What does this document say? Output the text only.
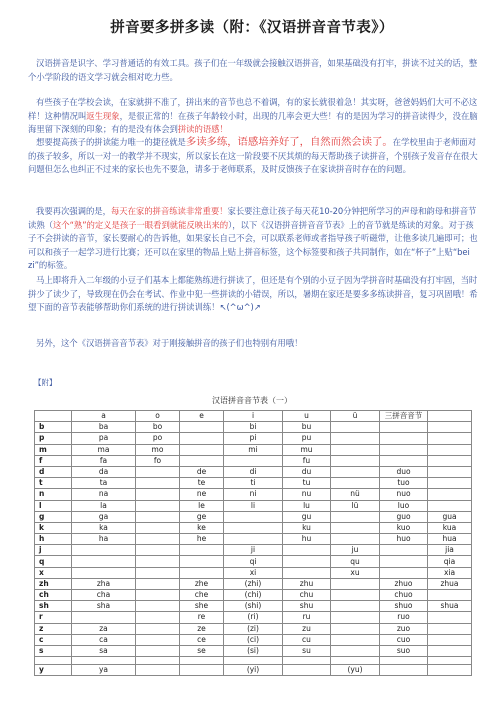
拼音要多拼多读（附：《汉语拼音音节表》）
汉语拼音是识字、学习普通话的有效工具。孩子们在一年级就会接触汉语拼音，如果基础没有打牢，拼读不过关的话，整个小学阶段的语文学习就会相对吃力些。
有些孩子在学校会读，在家就拼不准了，拼出来的音节也总不着调，有的家长就很着急！其实呀，爸爸妈妈们大可不必这样！这种情况叫返生现象，是很正常的！在孩子年龄较小时，出现的几率会更大些！有的是因为学习的拼音读得少，没在脑海里留下深刻的印象；有的是没有体会到拼读的语感！
想要提高孩子的拼读能力唯一的捷径就是多读多练，语感培养好了，自然而然会读了。在学校里由于老师面对的孩子较多，所以一对一的教学并不现实，所以家长在这一阶段要不厌其烦的每天帮助孩子读拼音，个别孩子发音存在很大问题但怎么也纠正不过来的家长也先不要急，请多于老师联系，及时反馈孩子在家读拼音时存在的问题。
我要再次强调的是，每天在家的拼音练读非常重要！家长要注意让孩子每天花10-20分钟把所学习的声母和韵母和拼音节读熟（这个“熟”的定义是孩子一眼看到就能反映出来的），以下《汉语拼音拼音音节表》上的音节就是练读的对象。对于孩子不会拼读的音节，家长要耐心的告诉他，如果家长自己不会，可以联系老师或者指导孩子听磁带，让他多读几遍即可；也可以和孩子一起学习进行比赛；还可以在家里的物品上贴上拼音标签，这个标签要和孩子共同制作，如在“杯子”上贴“bei zi”的标签。
马上即将升入二年级的小豆子们基本上都能熟练进行拼读了，但还是有个别的小豆子因为学拼音时基础没有打牢固，当时拼少了读少了，导致现在仍会在考试、作业中犯一些拼读的小错误，所以，暑期在家还是要多多练读拼音，复习巩固哦！希望下面的音节表能够帮助你们系统的进行拼读训练！↖(^ω^)↗
另外，这个《汉语拼音音节表》对于刚接触拼音的孩子们也特别有用哦！
【附】
汉语拼音音节表（一）
	a	o	e	i	u	ü	三拼音音节	
b	ba	bo		bi	bu			
p	pa	po		pi	pu			
m	ma	mo		mi	mu			
f	fa	fo			fu			
d	da		de	di	du		duo	
t	ta		te	ti	tu		tuo	
n	na		ne	ni	nu	nü	nuo	
l	la		le	li	lu	lü	luo	
g	ga		ge		gu		guo	gua
k	ka		ke		ku		kuo	kua
h	ha		he		hu		huo	hua
j				ji		ju		jia
q				qi		qu		qia
x				xi		xu		xia
zh	zha		zhe	(zhi)	zhu		zhuo	zhua
ch	cha		che	(chi)	chu		chuo	
sh	sha		she	(shi)	shu		shuo	shua
r			re	(ri)	ru		ruo	
z	za		ze	(zi)	zu		zuo	
c	ca		ce	(ci)	cu		cuo	
s	sa		se	(si)	su		suo	

y	ya			(yi)		(yu)		
